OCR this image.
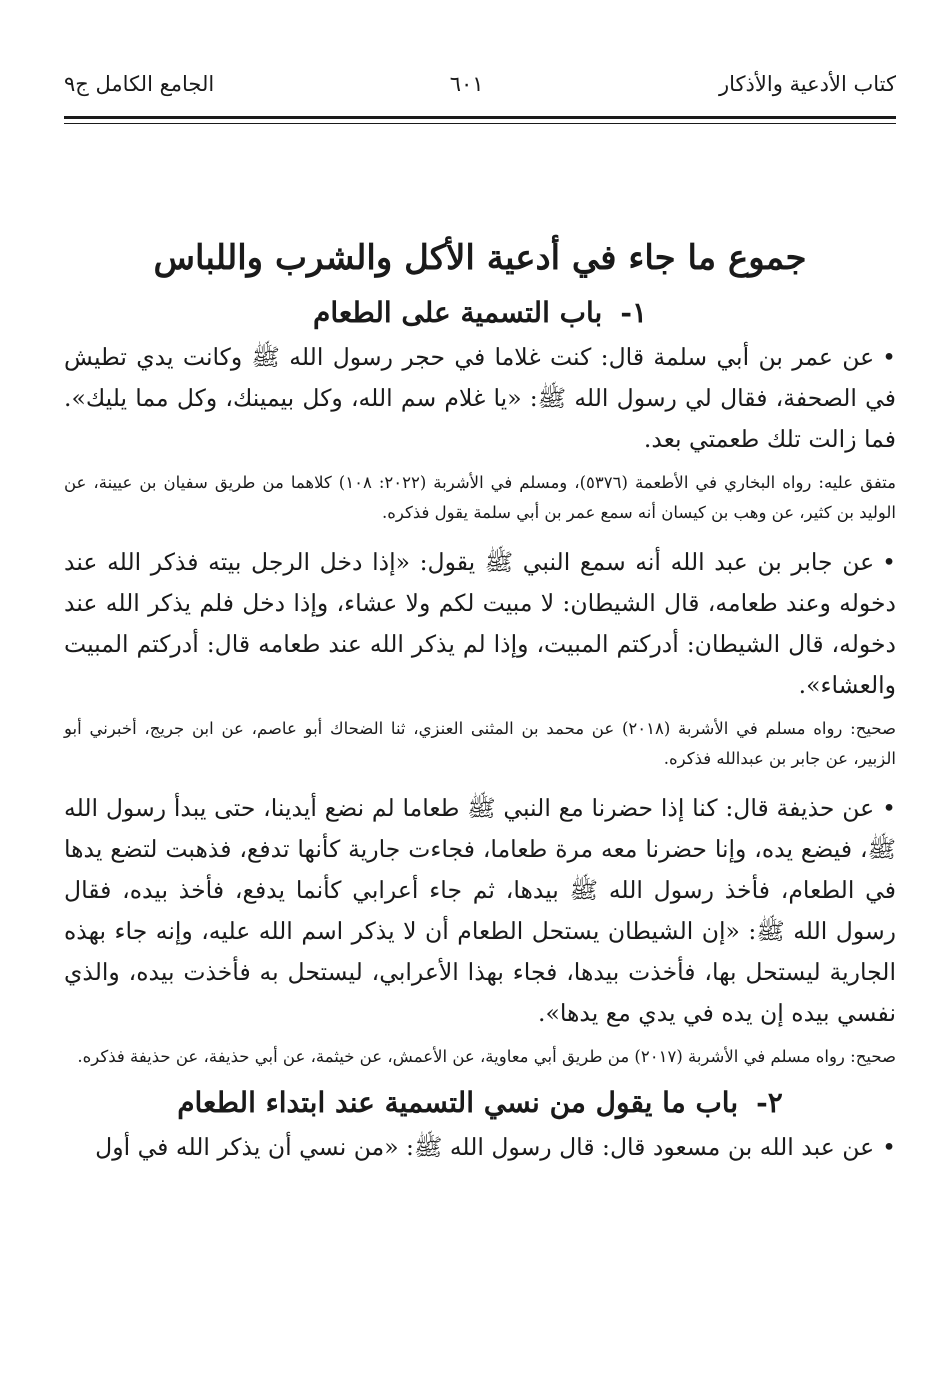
كتاب الأدعية والأذكار
٦٠١
الجامع الكامل ج٩
جموع ما جاء في أدعية الأكل والشرب واللباس
١-باب التسمية على الطعام

•عن عمر بن أبي سلمة قال: كنت غلاما في حجر رسول الله ﷺ وكانت يدي تطيش في الصحفة، فقال لي رسول الله ﷺ: «يا غلام سم الله، وكل بيمينك، وكل مما يليك». فما زالت تلك طعمتي بعد.

متفق عليه: رواه البخاري في الأطعمة (٥٣٧٦)، ومسلم في الأشربة (٢٠٢٢: ١٠٨) كلاهما من طريق سفيان بن عيينة، عن الوليد بن كثير، عن وهب بن كيسان أنه سمع عمر بن أبي سلمة يقول فذكره.

•عن جابر بن عبد الله أنه سمع النبي ﷺ يقول: «إذا دخل الرجل بيته فذكر الله عند دخوله وعند طعامه، قال الشيطان: لا مبيت لكم ولا عشاء، وإذا دخل فلم يذكر الله عند دخوله، قال الشيطان: أدركتم المبيت، وإذا لم يذكر الله عند طعامه قال: أدركتم المبيت والعشاء».

صحيح: رواه مسلم في الأشربة (٢٠١٨) عن محمد بن المثنى العنزي، ثنا الضحاك أبو عاصم، عن ابن جريج، أخبرني أبو الزبير، عن جابر بن عبدالله فذكره.

•عن حذيفة قال: كنا إذا حضرنا مع النبي ﷺ طعاما لم نضع أيدينا، حتى يبدأ رسول الله ﷺ، فيضع يده، وإنا حضرنا معه مرة طعاما، فجاءت جارية كأنها تدفع، فذهبت لتضع يدها في الطعام، فأخذ رسول الله ﷺ بيدها، ثم جاء أعرابي كأنما يدفع، فأخذ بيده، فقال رسول الله ﷺ: «إن الشيطان يستحل الطعام أن لا يذكر اسم الله عليه، وإنه جاء بهذه الجارية ليستحل بها، فأخذت بيدها، فجاء بهذا الأعرابي، ليستحل به فأخذت بيده، والذي نفسي بيده إن يده في يدي مع يدها».

صحيح: رواه مسلم في الأشربة (٢٠١٧) من طريق أبي معاوية، عن الأعمش، عن خيثمة، عن أبي حذيفة، عن حذيفة فذكره.

٢-باب ما يقول من نسي التسمية عند ابتداء الطعام

•عن عبد الله بن مسعود قال: قال رسول الله ﷺ: «من نسي أن يذكر الله في أول
